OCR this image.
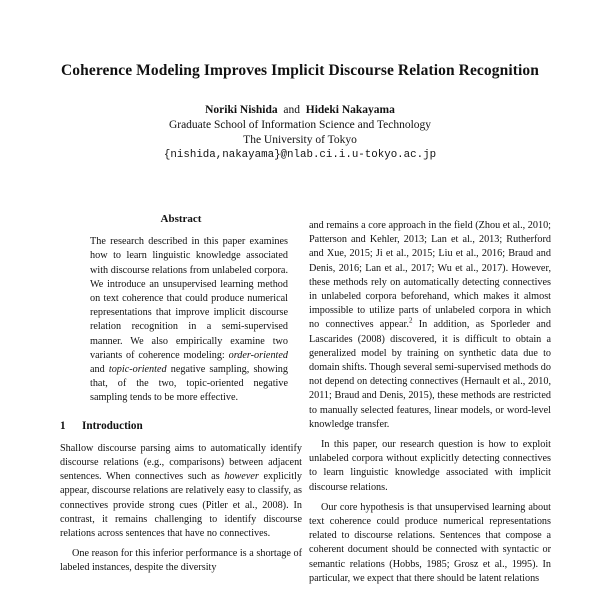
Coherence Modeling Improves Implicit Discourse Relation Recognition
Noriki Nishida and Hideki Nakayama
Graduate School of Information Science and Technology
The University of Tokyo
{nishida,nakayama}@nlab.ci.i.u-tokyo.ac.jp
Abstract

The research described in this paper examines how to learn linguistic knowledge associated with discourse relations from unlabeled corpora. We introduce an unsupervised learning method on text coherence that could produce numerical representations that improve implicit discourse relation recognition in a semi-supervised manner. We also empirically examine two variants of coherence modeling: order-oriented and topic-oriented negative sampling, showing that, of the two, topic-oriented negative sampling tends to be more effective.

1 Introduction

Shallow discourse parsing aims to automatically identify discourse relations (e.g., comparisons) between adjacent sentences. When connectives such as however explicitly appear, discourse relations are relatively easy to classify, as connectives provide strong cues (Pitler et al., 2008). In contrast, it remains challenging to identify discourse relations across sentences that have no connectives.

One reason for this inferior performance is a shortage of labeled instances, despite the diversity

and remains a core approach in the field (Zhou et al., 2010; Patterson and Kehler, 2013; Lan et al., 2013; Rutherford and Xue, 2015; Ji et al., 2015; Liu et al., 2016; Braud and Denis, 2016; Lan et al., 2017; Wu et al., 2017). However, these methods rely on automatically detecting connectives in unlabeled corpora beforehand, which makes it almost impossible to utilize parts of unlabeled corpora in which no connectives appear.$^2$ In addition, as Sporleder and Lascarides (2008) discovered, it is difficult to obtain a generalized model by training on synthetic data due to domain shifts. Though several semi-supervised methods do not depend on detecting connectives (Hernault et al., 2010, 2011; Braud and Denis, 2015), these methods are restricted to manually selected features, linear models, or word-level knowledge transfer.

In this paper, our research question is how to exploit unlabeled corpora without explicitly detecting connectives to learn linguistic knowledge associated with implicit discourse relations.

Our core hypothesis is that unsupervised learning about text coherence could produce numerical representations related to discourse relations. Sentences that compose a coherent document should be connected with syntactic or semantic relations (Hobbs, 1985; Grosz et al., 1995). In particular, we expect that there should be latent relations
